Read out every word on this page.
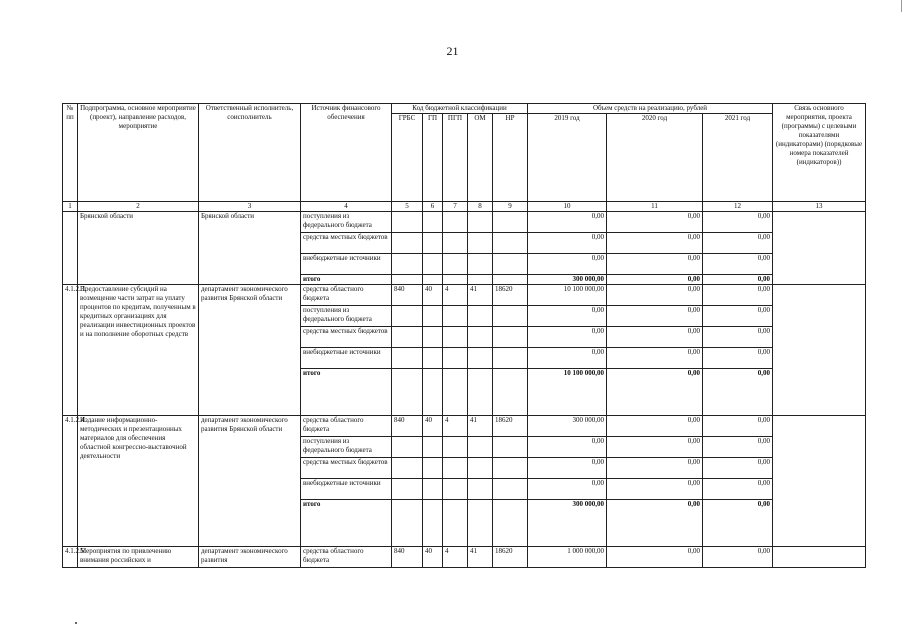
21
№ пп	Подпрограмма, основное мероприятие (проект), направление расходов, мероприятие	Ответственный исполнитель, соисполнитель	Источник финансового обеспечения	Код бюджетной классификации					Объем средств на реализацию, рублей			Связь основного мероприятия, проекта (программы) с целевыми показателями (индикаторами) (порядковые номера показателей (индикаторов))
				ГРБС	ГП	ПГП	ОМ	НР	2019 год	2020 год	2021 год	
1	2	3	4	5	6	7	8	9	10	11	12	13
	Брянской области	Брянской области	поступления из федерального бюджета						0,00	0,00	0,00	
			средства местных бюджетов						0,00	0,00	0,00	
			внебюджетные источники						0,00	0,00	0,00	
			итого						300 000,00	0,00	0,00	
4.1.2.3.	Предоставление субсидий на возмещение части затрат на уплату процентов по кредитам, полученным в кредитных организациях для реализации инвестиционных проектов и на пополнение оборотных средств	департамент экономического развития Брянской области	средства областного бюджета	840	40	4	41	18620	10 100 000,00	0,00	0,00	
			поступления из федерального бюджета						0,00	0,00	0,00	
			средства местных бюджетов						0,00	0,00	0,00	
			внебюджетные источники						0,00	0,00	0,00	
			итого						10 100 000,00	0,00	0,00	
4.1.2.4.	Издание информационно-методических и презентационных материалов для обеспечения областной конгрессно-выставочной деятельности	департамент экономического развития Брянской области	средства областного бюджета	840	40	4	41	18620	300 000,00	0,00	0,00	
			поступления из федерального бюджета						0,00	0,00	0,00	
			средства местных бюджетов						0,00	0,00	0,00	
			внебюджетные источники						0,00	0,00	0,00	
			итого						300 000,00	0,00	0,00	
4.1.2.5.	Мероприятия по привлечению внимания российских и	департамент экономического развития	средства областного бюджета	840	40	4	41	18620	1 000 000,00	0,00	0,00	
